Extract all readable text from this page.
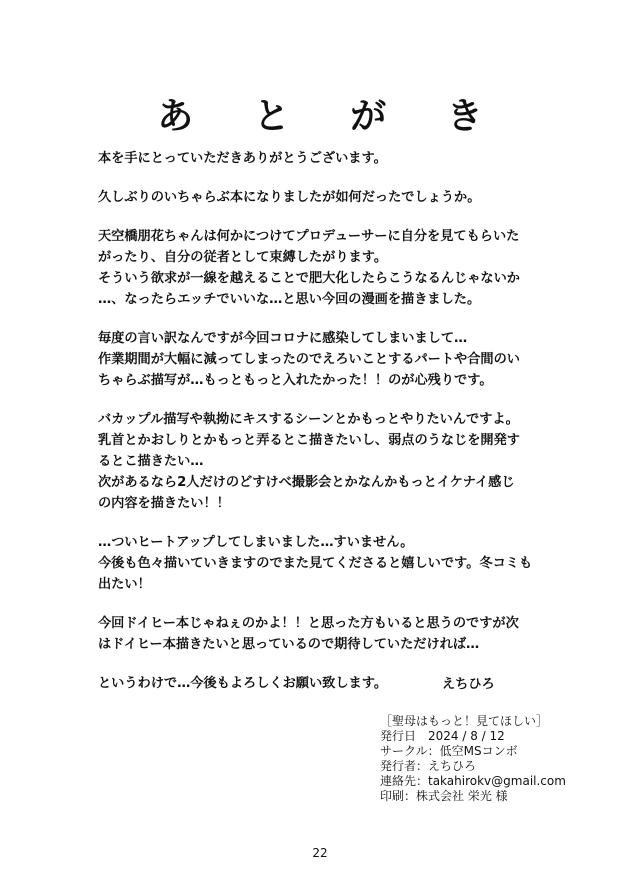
あ と が き

本を手にとっていただきありがとうございます。

久しぶりのいちゃらぶ本になりましたが如何だったでしょうか。

天空橋朋花ちゃんは何かにつけてプロデューサーに自分を見てもらいた
がったり、自分の従者として束縛したがります。
そういう欲求が一線を越えることで肥大化したらこうなるんじゃないか
…、なったらエッチでいいな…と思い今回の漫画を描きました。

毎度の言い訳なんですが今回コロナに感染してしまいまして…
作業期間が大幅に減ってしまったのでえろいことするパートや合間のい
ちゃらぶ描写が…もっともっと入れたかった！！のが心残りです。

バカップル描写や執拗にキスするシーンとかもっとやりたいんですよ。
乳首とかおしりとかもっと弄るとこ描きたいし、弱点のうなじを開発す
るとこ描きたい…
次があるなら2人だけのどすけべ撮影会とかなんかもっとイケナイ感じ
の内容を描きたい！！

…ついヒートアップしてしまいました…すいません。
今後も色々描いていきますのでまた見てくださると嬉しいです。冬コミも
出たい！

今回ドイヒー本じゃねぇのかよ！！と思った方もいると思うのですが次
はドイヒー本描きたいと思っているので期待していただければ…

というわけで…今後もよろしくお願い致します。	えちひろ
［聖母はもっと！見てほしい］
発行日　2024 / 8 / 12
サークル：低空MSコンボ
発行者：えちひろ
連絡先：takahirokv@gmail.com
印刷：株式会社 栄光 様
22
